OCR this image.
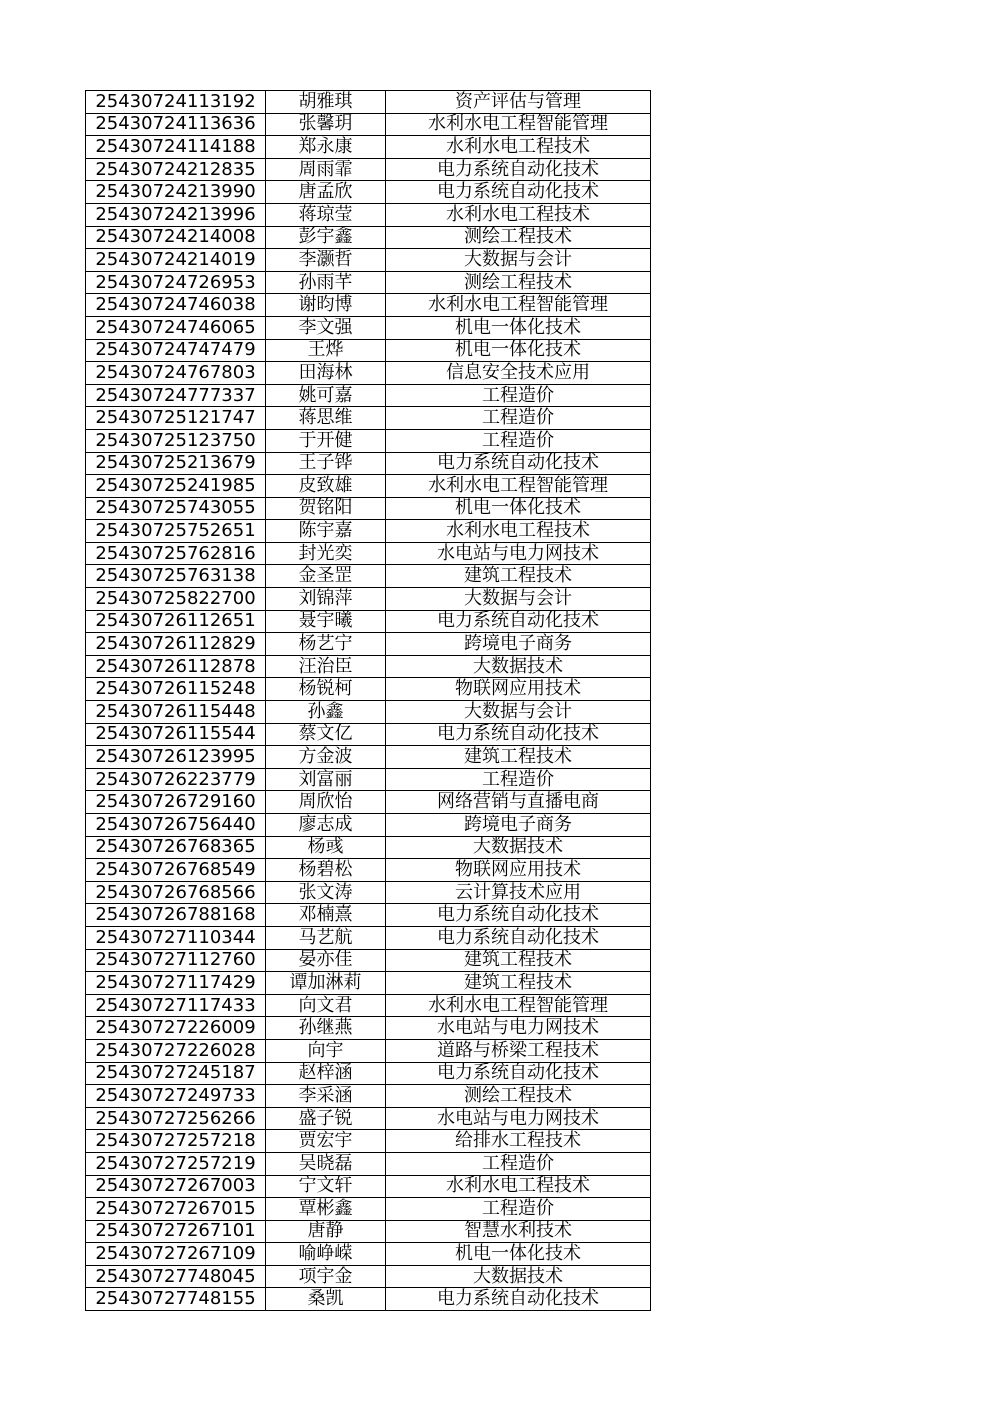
25430724113192	胡雅琪	资产评估与管理
25430724113636	张馨玥	水利水电工程智能管理
25430724114188	郑永康	水利水电工程技术
25430724212835	周雨霏	电力系统自动化技术
25430724213990	唐孟欣	电力系统自动化技术
25430724213996	蒋琼莹	水利水电工程技术
25430724214008	彭宇鑫	测绘工程技术
25430724214019	李灏哲	大数据与会计
25430724726953	孙雨芊	测绘工程技术
25430724746038	谢昀博	水利水电工程智能管理
25430724746065	李文强	机电一体化技术
25430724747479	王烨	机电一体化技术
25430724767803	田海林	信息安全技术应用
25430724777337	姚可嘉	工程造价
25430725121747	蒋思维	工程造价
25430725123750	于开健	工程造价
25430725213679	王子铧	电力系统自动化技术
25430725241985	皮致雄	水利水电工程智能管理
25430725743055	贺铭阳	机电一体化技术
25430725752651	陈宇嘉	水利水电工程技术
25430725762816	封光奕	水电站与电力网技术
25430725763138	金圣罡	建筑工程技术
25430725822700	刘锦萍	大数据与会计
25430726112651	聂宇曦	电力系统自动化技术
25430726112829	杨艺宁	跨境电子商务
25430726112878	汪治臣	大数据技术
25430726115248	杨锐柯	物联网应用技术
25430726115448	孙鑫	大数据与会计
25430726115544	蔡文亿	电力系统自动化技术
25430726123995	方金波	建筑工程技术
25430726223779	刘富丽	工程造价
25430726729160	周欣怡	网络营销与直播电商
25430726756440	廖志成	跨境电子商务
25430726768365	杨彧	大数据技术
25430726768549	杨碧松	物联网应用技术
25430726768566	张文涛	云计算技术应用
25430726788168	邓楠熹	电力系统自动化技术
25430727110344	马艺航	电力系统自动化技术
25430727112760	晏亦佳	建筑工程技术
25430727117429	谭加淋莉	建筑工程技术
25430727117433	向文君	水利水电工程智能管理
25430727226009	孙继燕	水电站与电力网技术
25430727226028	向宇	道路与桥梁工程技术
25430727245187	赵梓涵	电力系统自动化技术
25430727249733	李采涵	测绘工程技术
25430727256266	盛子锐	水电站与电力网技术
25430727257218	贾宏宇	给排水工程技术
25430727257219	吴晓磊	工程造价
25430727267003	宁文轩	水利水电工程技术
25430727267015	覃彬鑫	工程造价
25430727267101	唐静	智慧水利技术
25430727267109	喻峥嵘	机电一体化技术
25430727748045	项宇金	大数据技术
25430727748155	桑凯	电力系统自动化技术
